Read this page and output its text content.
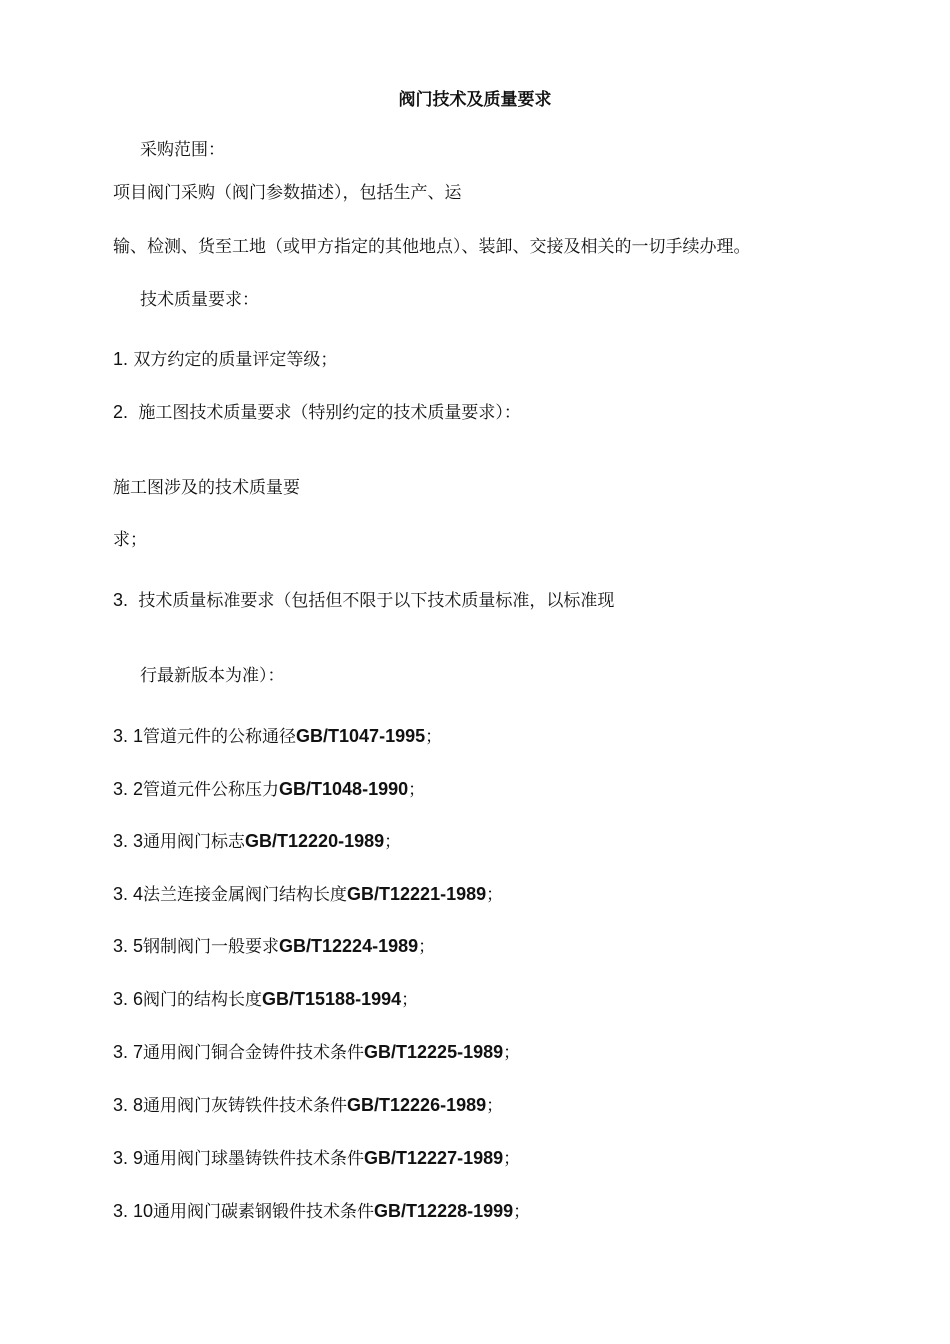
阀门技术及质量要求
采购范围：
项目阀门采购（阀门参数描述），包括生产、运
输、检测、货至工地（或甲方指定的其他地点）、装卸、交接及相关的一切手续办理。
技术质量要求：
1. 双方约定的质量评定等级；
2. 施工图技术质量要求（特别约定的技术质量要求）：
施工图涉及的技术质量要
求；
3. 技术质量标准要求（包括但不限于以下技术质量标准，以标准现
行最新版本为准）：
3. 1管道元件的公称通径GB/T1047-1995；
3. 2管道元件公称压力GB/T1048-1990；
3. 3通用阀门标志GB/T12220-1989；
3. 4法兰连接金属阀门结构长度GB/T12221-1989；
3. 5钢制阀门一般要求GB/T12224-1989；
3. 6阀门的结构长度GB/T15188-1994；
3. 7通用阀门铜合金铸件技术条件GB/T12225-1989；
3. 8通用阀门灰铸铁件技术条件GB/T12226-1989；
3. 9通用阀门球墨铸铁件技术条件GB/T12227-1989；
3. 10通用阀门碳素钢锻件技术条件GB/T12228-1999；
